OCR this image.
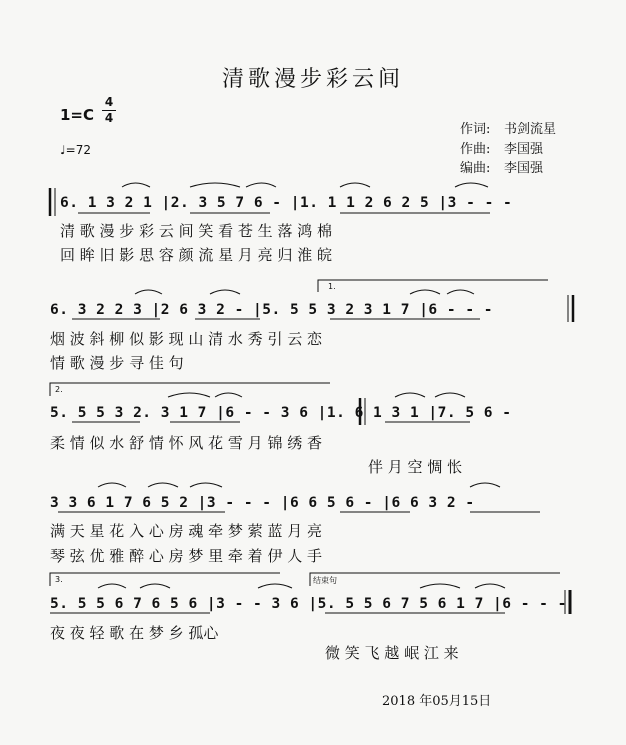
清歌漫步彩云间
1=C
4
4
♩=72
作词: 书剑流星
作曲: 李国强
编曲: 李国强
6. 1 3 2 1 |2. 3 5 7 6 - |1. 1 1 2 6 2 5 |3 - - -
清 歌 漫 步 彩 云 间 笑 看 苍 生 落 鸿 棉
回 眸 旧 影 思 容 颜 流 星 月 亮 归 淮 皖
6. 3 2 2 3 |2 6 3 2 - |5. 5 5 3 2 3 1 7 |6 - - -
烟 波 斜 柳 似 影 现 山 清 水 秀 引 云 恋
情 歌 漫 步 寻 佳 句
5. 5 5 3 2. 3 1 7 |6 - - 3 6 |1. 6 1 3 1 |7. 5 6 -
柔 情 似 水 舒 情 怀 风 花 雪 月 锦 绣 香
伴 月 空 惆 怅
3 3 6 1 7 6 5 2 |3 - - - |6 6 5 6 - |6 6 3 2 -
满 天 星 花 入 心 房 魂 牵 梦 萦 蓝 月 亮
琴 弦 优 雅 醉 心 房 梦 里 牵 着 伊 人 手
5. 5 5 6 7 6 5 6 |3 - - 3 6 |5. 5 5 6 7 5 6 1 7 |6 - - -
夜 夜 轻 歌 在 梦 乡 孤心
微 笑 飞 越 岷 江 来
1.
2.
3.	结束句
2018 年05月15日
